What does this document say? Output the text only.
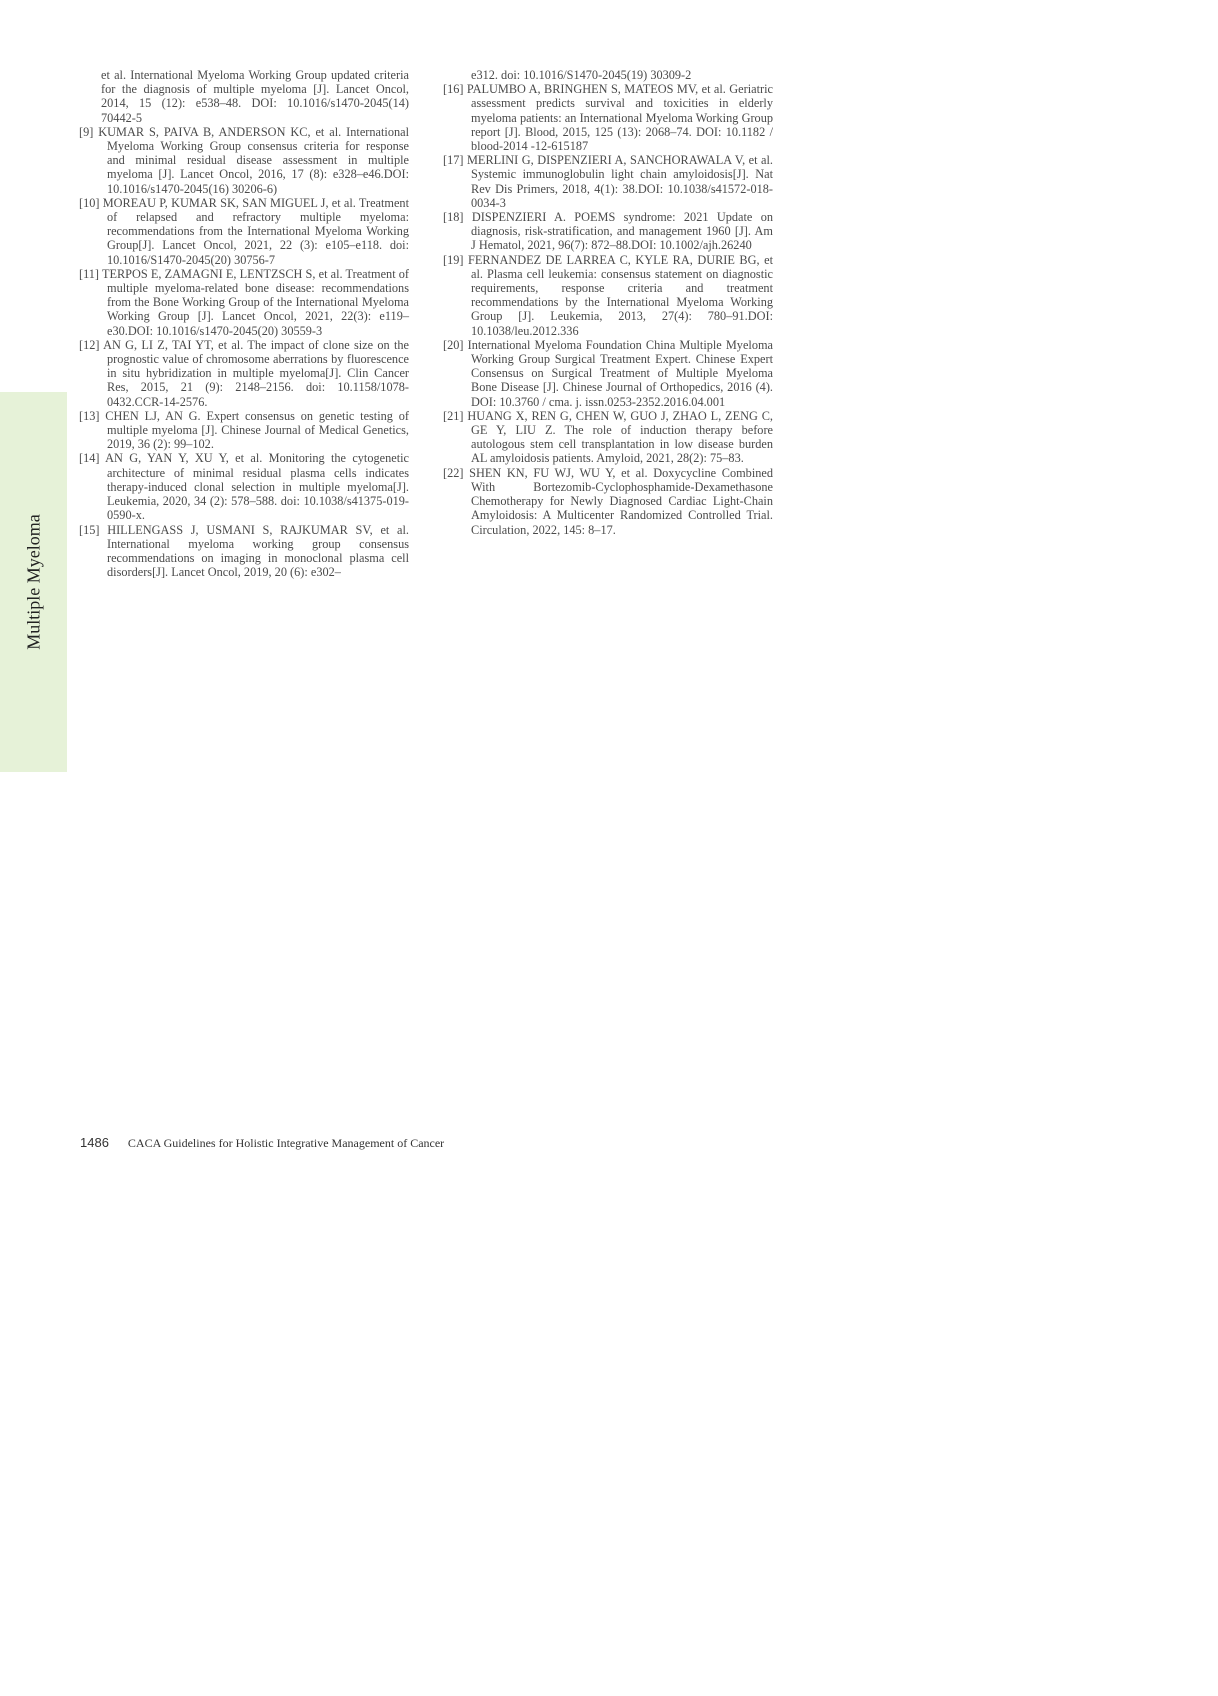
Multiple Myeloma

et al. International Myeloma Working Group updated criteria for the diagnosis of multiple myeloma [J]. Lancet Oncol, 2014, 15 (12): e538–48. DOI: 10.1016/s1470-2045(14) 70442-5

[9] KUMAR S, PAIVA B, ANDERSON KC, et al. International Myeloma Working Group consensus criteria for response and minimal residual disease assessment in multiple myeloma [J]. Lancet Oncol, 2016, 17 (8): e328–e46.DOI: 10.1016/s1470-2045(16) 30206-6)

[10] MOREAU P, KUMAR SK, SAN MIGUEL J, et al. Treatment of relapsed and refractory multiple myeloma: recommendations from the International Myeloma Working Group[J]. Lancet Oncol, 2021, 22 (3): e105–e118. doi: 10.1016/S1470-2045(20) 30756-7

[11] TERPOS E, ZAMAGNI E, LENTZSCH S, et al. Treatment of multiple myeloma-related bone disease: recommendations from the Bone Working Group of the International Myeloma Working Group [J]. Lancet Oncol, 2021, 22(3): e119–e30.DOI: 10.1016/s1470-2045(20) 30559-3

[12] AN G, LI Z, TAI YT, et al. The impact of clone size on the prognostic value of chromosome aberrations by fluorescence in situ hybridization in multiple myeloma[J]. Clin Cancer Res, 2015, 21 (9): 2148–2156. doi: 10.1158/1078-0432.CCR-14-2576.

[13] CHEN LJ, AN G. Expert consensus on genetic testing of multiple myeloma [J]. Chinese Journal of Medical Genetics, 2019, 36 (2): 99–102.

[14] AN G, YAN Y, XU Y, et al. Monitoring the cytogenetic architecture of minimal residual plasma cells indicates therapy-induced clonal selection in multiple myeloma[J]. Leukemia, 2020, 34 (2): 578–588. doi: 10.1038/s41375-019-0590-x.

[15] HILLENGASS J, USMANI S, RAJKUMAR SV, et al. International myeloma working group consensus recommendations on imaging in monoclonal plasma cell disorders[J]. Lancet Oncol, 2019, 20 (6): e302–

e312. doi: 10.1016/S1470-2045(19) 30309-2

[16] PALUMBO A, BRINGHEN S, MATEOS MV, et al. Geriatric assessment predicts survival and toxicities in elderly myeloma patients: an International Myeloma Working Group report [J]. Blood, 2015, 125 (13): 2068–74. DOI: 10.1182 / blood-2014 -12-615187

[17] MERLINI G, DISPENZIERI A, SANCHORAWALA V, et al. Systemic immunoglobulin light chain amyloidosis[J]. Nat Rev Dis Primers, 2018, 4(1): 38.DOI: 10.1038/s41572-018-0034-3

[18] DISPENZIERI A. POEMS syndrome: 2021 Update on diagnosis, risk-stratification, and management 1960 [J]. Am J Hematol, 2021, 96(7): 872–88.DOI: 10.1002/ajh.26240

[19] FERNANDEZ DE LARREA C, KYLE RA, DURIE BG, et al. Plasma cell leukemia: consensus statement on diagnostic requirements, response criteria and treatment recommendations by the International Myeloma Working Group [J]. Leukemia, 2013, 27(4): 780–91.DOI: 10.1038/leu.2012.336

[20] International Myeloma Foundation China Multiple Myeloma Working Group Surgical Treatment Expert. Chinese Expert Consensus on Surgical Treatment of Multiple Myeloma Bone Disease [J]. Chinese Journal of Orthopedics, 2016 (4). DOI: 10.3760 / cma. j. issn.0253-2352.2016.04.001

[21] HUANG X, REN G, CHEN W, GUO J, ZHAO L, ZENG C, GE Y, LIU Z. The role of induction therapy before autologous stem cell transplantation in low disease burden AL amyloidosis patients. Amyloid, 2021, 28(2): 75–83.

[22] SHEN KN, FU WJ, WU Y, et al. Doxycycline Combined With Bortezomib-Cyclophosphamide-Dexamethasone Chemotherapy for Newly Diagnosed Cardiac Light-Chain Amyloidosis: A Multicenter Randomized Controlled Trial. Circulation, 2022, 145: 8–17.

1486 CACA Guidelines for Holistic Integrative Management of Cancer
